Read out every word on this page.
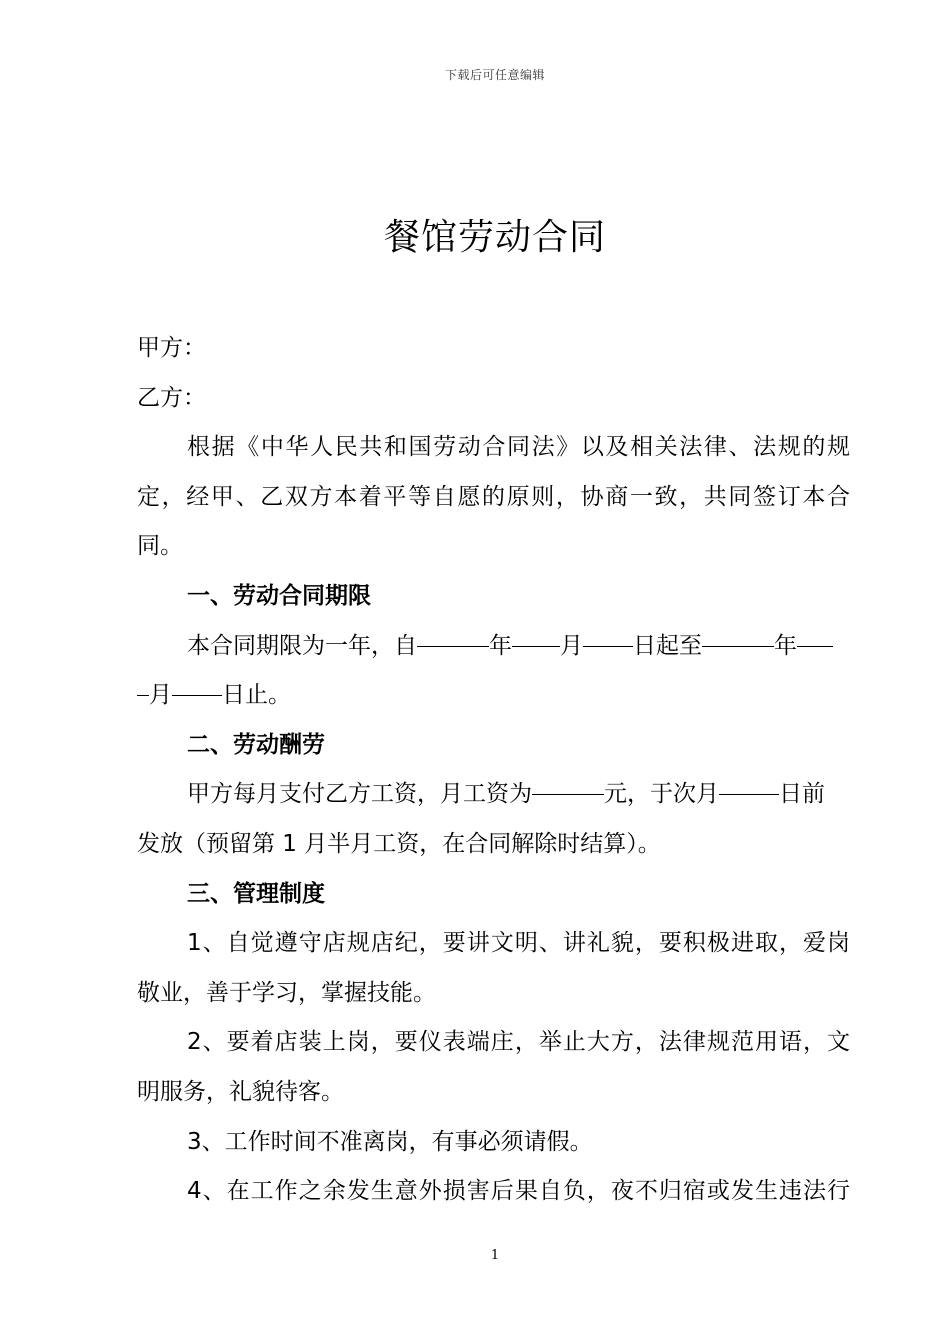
下载后可任意编辑
餐馆劳动合同

甲方：

乙方：

根据《中华人民共和国劳动合同法》以及相关法律、法规的规

定，经甲、乙双方本着平等自愿的原则，协商一致，共同签订本合

同。

一、劳动合同期限

本合同期限为一年，自	年 月 日起至	年

月 日止。

二、劳动酬劳

甲方每月支付乙方工资，月工资为	元，于次月	日前

发放（预留第 1 月半月工资，在合同解除时结算）。

三、管理制度

1、自觉遵守店规店纪，要讲文明、讲礼貌，要积极进取，爱岗

敬业，善于学习，掌握技能。

2、要着店装上岗，要仪表端庄，举止大方，法律规范用语，文

明服务，礼貌待客。

3、工作时间不准离岗，有事必须请假。

4、在工作之余发生意外损害后果自负，夜不归宿或发生违法行

1
